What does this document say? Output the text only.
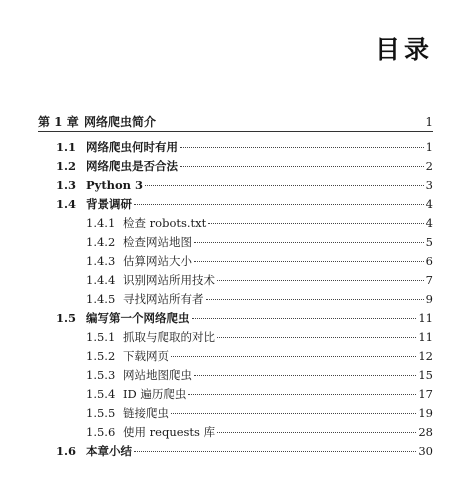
目录
第 1 章 网络爬虫简介	1
1.1 网络爬虫何时有用	1
1.2 网络爬虫是否合法	2
1.3 Python 3	3
1.4 背景调研	4
1.4.1 检查 robots.txt	4
1.4.2 检查网站地图	5
1.4.3 估算网站大小	6
1.4.4 识别网站所用技术	7
1.4.5 寻找网站所有者	9
1.5 编写第一个网络爬虫	11
1.5.1 抓取与爬取的对比	11
1.5.2 下载网页	12
1.5.3 网站地图爬虫	15
1.5.4 ID 遍历爬虫	17
1.5.5 链接爬虫	19
1.5.6 使用 requests 库	28
1.6 本章小结	30
